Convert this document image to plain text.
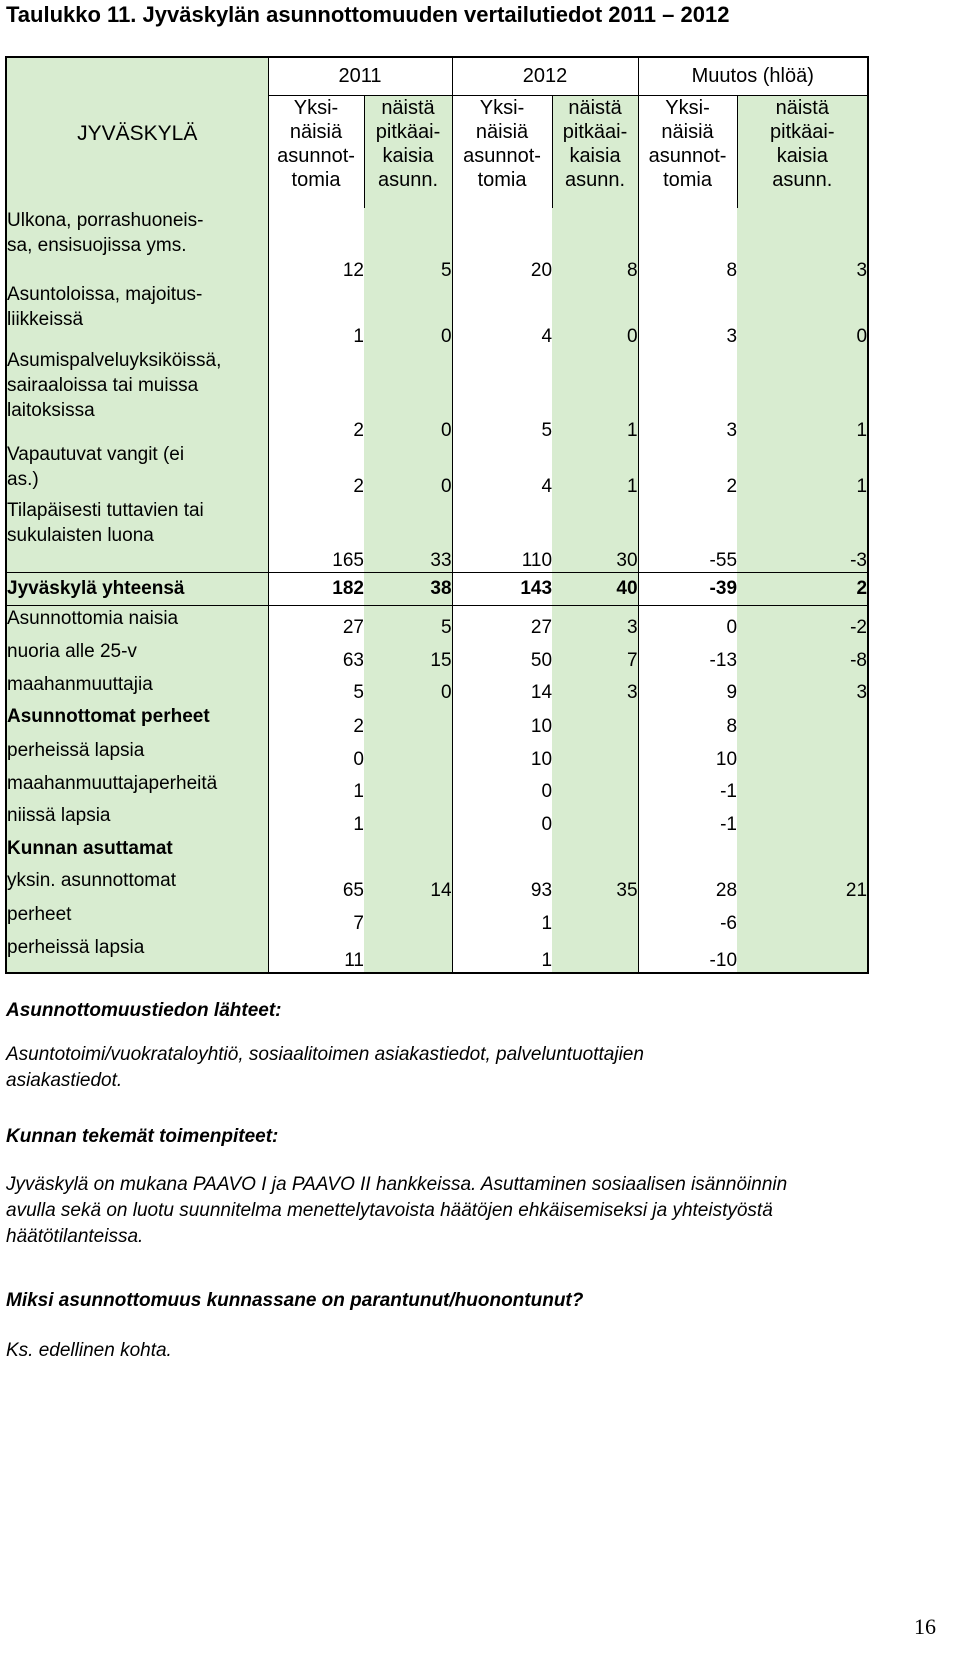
Taulukko 11. Jyväskylän asunnottomuuden vertailutiedot 2011 – 2012
JYVÄSKYLÄ	2011		2012		Muutos (hlöä)	

	Yksi-
näisiä
asunnot-
tomia	näistä
pitkäai-
kaisia
asunn.	Yksi-
näisiä
asunnot-
tomia	näistä
pitkäai-
kaisia
asunn.	Yksi-
näisiä
asunnot-
tomia	näistä
pitkäai-
kaisia
asunn.

Ulkona, porrashuoneis-
sa, ensisuojissa yms.	12	5	20	8	8	3

Asuntoloissa, majoitus-
liikkeissä	1	0	4	0	3	0

Asumispalveluyksiköissä,
sairaaloissa tai muissa
laitoksissa	2	0	5	1	3	1

Vapautuvat vangit (ei
as.)	2	0	4	1	2	1

Tilapäisesti tuttavien tai
sukulaisten luona	165	33	110	30	-55	-3

Jyväskylä yhteensä	182	38	143	40	-39	2

Asunnottomia naisia	27	5	27	3	0	-2

nuoria alle 25-v	63	15	50	7	-13	-8

maahanmuuttajia	5	0	14	3	9	3

Asunnottomat perheet	2		10		8	

perheissä lapsia	0		10		10	

maahanmuuttajaperheitä	1		0		-1	

niissä lapsia	1		0		-1	

Kunnan asuttamat						

yksin. asunnottomat	65	14	93	35	28	21

perheet	7		1		-6	

perheissä lapsia	11		1		-10	
Asunnottomuustiedon lähteet:
Asuntotoimi/vuokrataloyhtiö, sosiaalitoimen asiakastiedot, palveluntuottajien
asiakastiedot.
Kunnan tekemät toimenpiteet:
Jyväskylä on mukana PAAVO I ja PAAVO II hankkeissa. Asuttaminen sosiaalisen isännöinnin
avulla sekä on luotu suunnitelma menettelytavoista häätöjen ehkäisemiseksi ja yhteistyöstä
häätötilanteissa.
Miksi asunnottomuus kunnassane on parantunut/huonontunut?
Ks. edellinen kohta.
16
